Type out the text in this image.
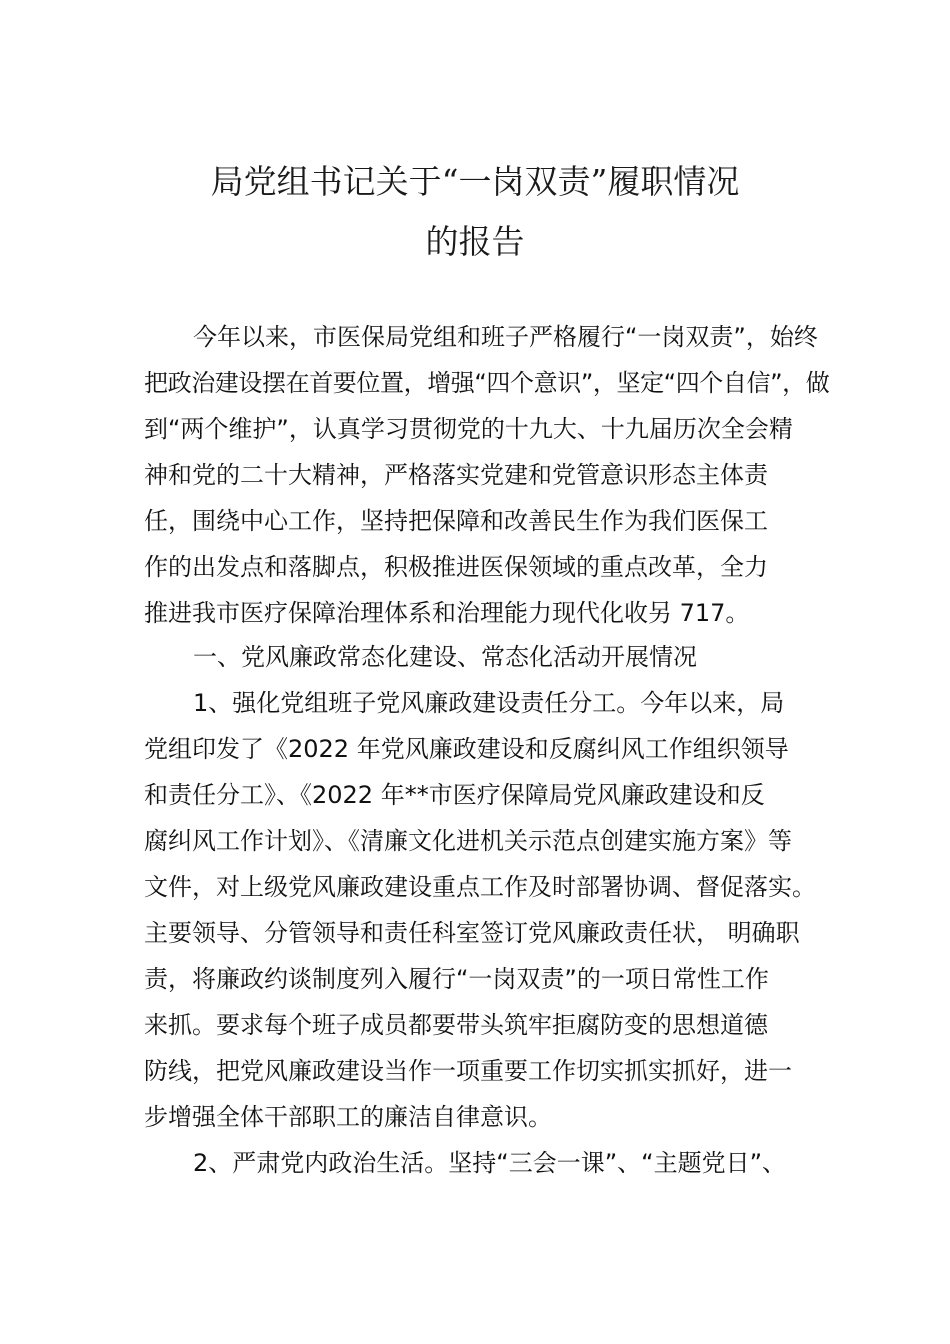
局党组书记关于“一岗双责”履职情况
的报告

今年以来，市医保局党组和班子严格履行“一岗双责”，始终

把政治建设摆在首要位置，增强“四个意识”，坚定“四个自信”，做

到“两个维护”，认真学习贯彻党的十九大、十九届历次全会精

神和党的二十大精神，严格落实党建和党管意识形态主体责

任，围绕中心工作，坚持把保障和改善民生作为我们医保工

作的出发点和落脚点，积极推进医保领域的重点改革，全力

推进我市医疗保障治理体系和治理能力现代化收另 717。

一、党风廉政常态化建设、常态化活动开展情况

1、强化党组班子党风廉政建设责任分工。今年以来，局

党组印发了《2022 年党风廉政建设和反腐纠风工作组织领导

和责任分工》、《2022 年**市医疗保障局党风廉政建设和反

腐纠风工作计划》、《清廉文化进机关示范点创建实施方案》等

文件，对上级党风廉政建设重点工作及时部署协调、督促落实。

主要领导、分管领导和责任科室签订党风廉政责任状， 明确职

责，将廉政约谈制度列入履行“一岗双责”的一项日常性工作

来抓。要求每个班子成员都要带头筑牢拒腐防变的思想道德

防线，把党风廉政建设当作一项重要工作切实抓实抓好，进一

步增强全体干部职工的廉洁自律意识。

2、严肃党内政治生活。坚持“三会一课”、“主题党日”、
